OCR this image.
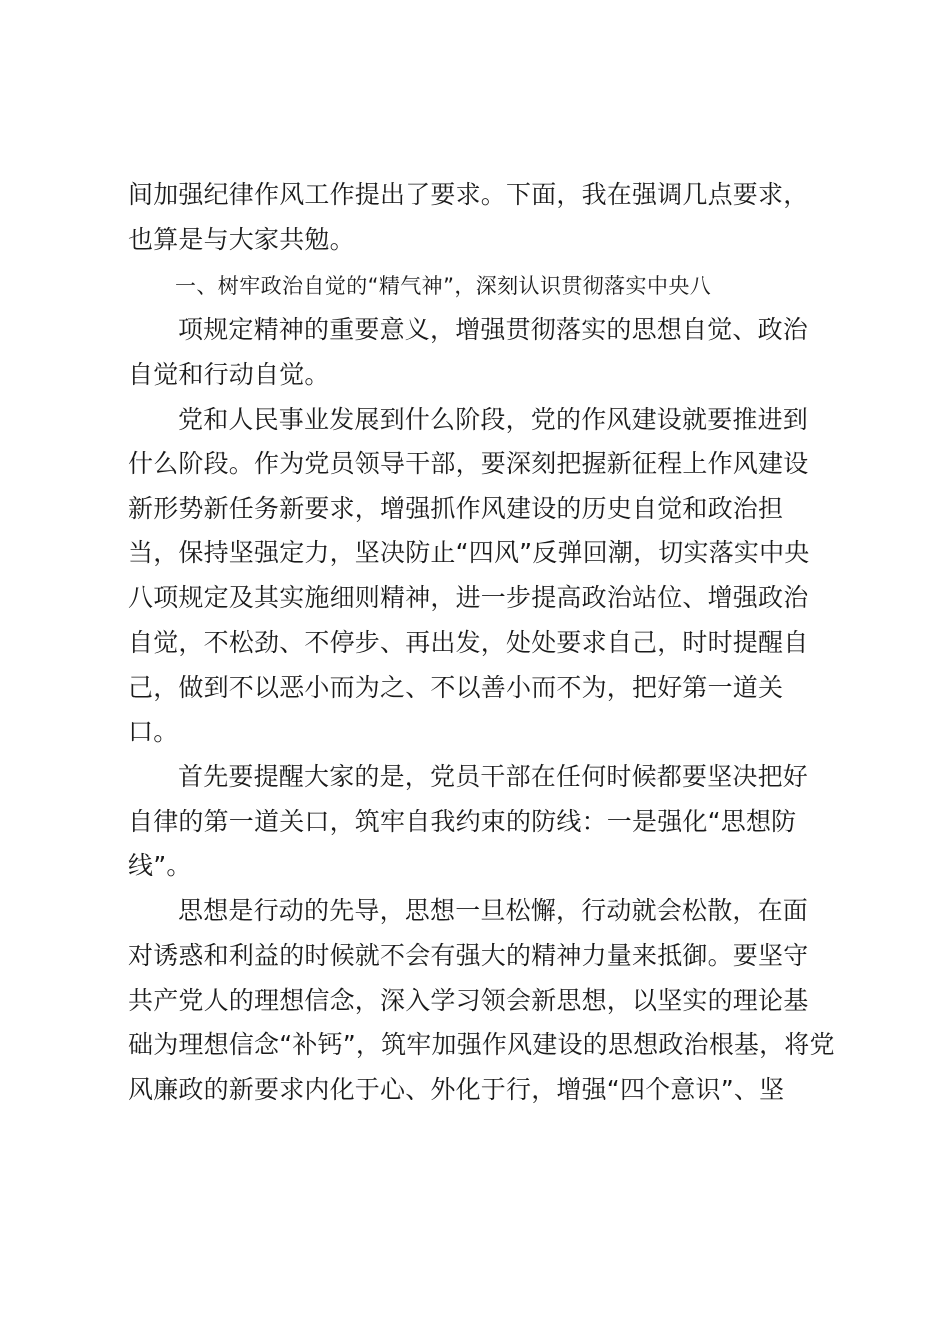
间加强纪律作风工作提出了要求。下面，我在强调几点要求，
也算是与大家共勉。
一、树牢政治自觉的“精气神”，深刻认识贯彻落实中央八
项规定精神的重要意义，增强贯彻落实的思想自觉、政治
自觉和行动自觉。
党和人民事业发展到什么阶段，党的作风建设就要推进到
什么阶段。作为党员领导干部，要深刻把握新征程上作风建设
新形势新任务新要求，增强抓作风建设的历史自觉和政治担
当，保持坚强定力，坚决防止“四风”反弹回潮，切实落实中央
八项规定及其实施细则精神，进一步提高政治站位、增强政治
自觉，不松劲、不停步、再出发，处处要求自己，时时提醒自
己，做到不以恶小而为之、不以善小而不为，把好第一道关
口。
首先要提醒大家的是，党员干部在任何时候都要坚决把好
自律的第一道关口，筑牢自我约束的防线：一是强化“思想防
线”。
思想是行动的先导，思想一旦松懈，行动就会松散，在面
对诱惑和利益的时候就不会有强大的精神力量来抵御。要坚守
共产党人的理想信念，深入学习领会新思想，以坚实的理论基
础为理想信念“补钙”，筑牢加强作风建设的思想政治根基，将党
风廉政的新要求内化于心、外化于行，增强“四个意识”、坚
